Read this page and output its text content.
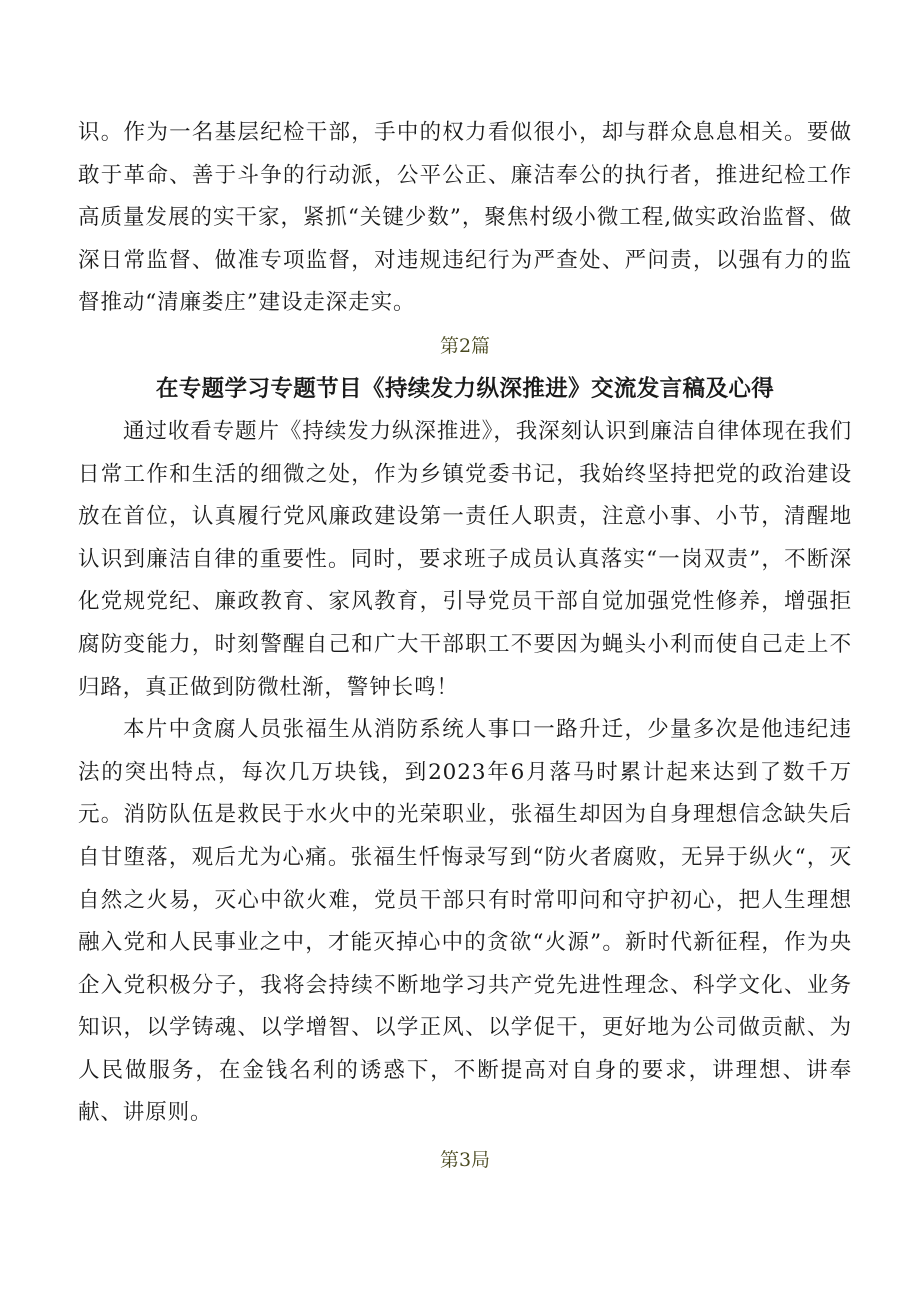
识。作为一名基层纪检干部，手中的权力看似很小，却与群众息息相关。要做敢于革命、善于斗争的行动派，公平公正、廉洁奉公的执行者，推进纪检工作高质量发展的实干家，紧抓“关键少数”，聚焦村级小微工程,做实政治监督、做深日常监督、做准专项监督，对违规违纪行为严查处、严问责，以强有力的监督推动“清廉娄庄”建设走深走实。

第2篇

在专题学习专题节目《持续发力纵深推进》交流发言稿及心得

通过收看专题片《持续发力纵深推进》，我深刻认识到廉洁自律体现在我们日常工作和生活的细微之处，作为乡镇党委书记，我始终坚持把党的政治建设放在首位，认真履行党风廉政建设第一责任人职责，注意小事、小节，清醒地认识到廉洁自律的重要性。同时，要求班子成员认真落实“一岗双责”，不断深化党规党纪、廉政教育、家风教育，引导党员干部自觉加强党性修养，增强拒腐防变能力，时刻警醒自己和广大干部职工不要因为蝇头小利而使自己走上不归路，真正做到防微杜渐，警钟长鸣！

本片中贪腐人员张福生从消防系统人事口一路升迁，少量多次是他违纪违法的突出特点，每次几万块钱，到2023年6月落马时累计起来达到了数千万元。消防队伍是救民于水火中的光荣职业，张福生却因为自身理想信念缺失后自甘堕落，观后尤为心痛。张福生忏悔录写到“防火者腐败，无异于纵火“，灭自然之火易，灭心中欲火难，党员干部只有时常叩问和守护初心，把人生理想融入党和人民事业之中，才能灭掉心中的贪欲“火源”。新时代新征程，作为央企入党积极分子，我将会持续不断地学习共产党先进性理念、科学文化、业务知识，以学铸魂、以学增智、以学正风、以学促干，更好地为公司做贡献、为人民做服务，在金钱名利的诱惑下，不断提高对自身的要求，讲理想、讲奉献、讲原则。

第3局
